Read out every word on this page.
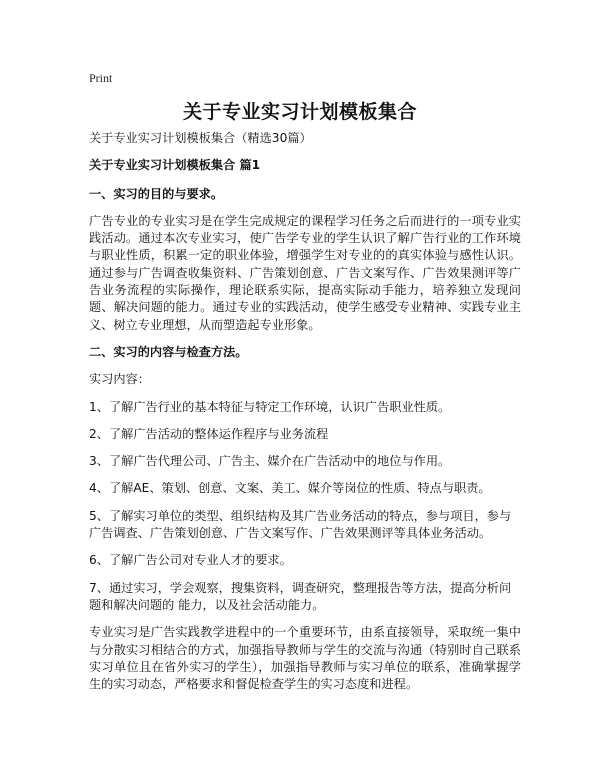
Print
关于专业实习计划模板集合

关于专业实习计划模板集合（精选30篇）

关于专业实习计划模板集合 篇1

一、实习的目的与要求。

广告专业的专业实习是在学生完成规定的课程学习任务之后而进行的一项专业实践活动。通过本次专业实习，使广告学专业的学生认识了解广告行业的工作环境与职业性质，积累一定的职业体验，增强学生对专业的的真实体验与感性认识。通过参与广告调查收集资料、广告策划创意、广告文案写作、广告效果测评等广告业务流程的实际操作，理论联系实际，提高实际动手能力，培养独立发现问题、解决问题的能力。通过专业的实践活动，使学生感受专业精神、实践专业主义、树立专业理想，从而塑造起专业形象。

二、实习的内容与检查方法。

实习内容：

1、了解广告行业的基本特征与特定工作环境，认识广告职业性质。

2、了解广告活动的整体运作程序与业务流程

3、了解广告代理公司、广告主、媒介在广告活动中的地位与作用。

4、了解AE、策划、创意、文案、美工、媒介等岗位的性质、特点与职责。

5、了解实习单位的类型、组织结构及其广告业务活动的特点，参与项目，参与广告调查、广告策划创意、广告文案写作、广告效果测评等具体业务活动。

6、了解广告公司对专业人才的要求。

7、通过实习，学会观察，搜集资料，调查研究，整理报告等方法，提高分析问题和解决问题的 能力，以及社会活动能力。

专业实习是广告实践教学进程中的一个重要环节，由系直接领导，采取统一集中与分散实习相结合的方式，加强指导教师与学生的交流与沟通（特别时自己联系实习单位且在省外实习的学生），加强指导教师与实习单位的联系，准确掌握学生的实习动态，严格要求和督促检查学生的实习态度和进程。
